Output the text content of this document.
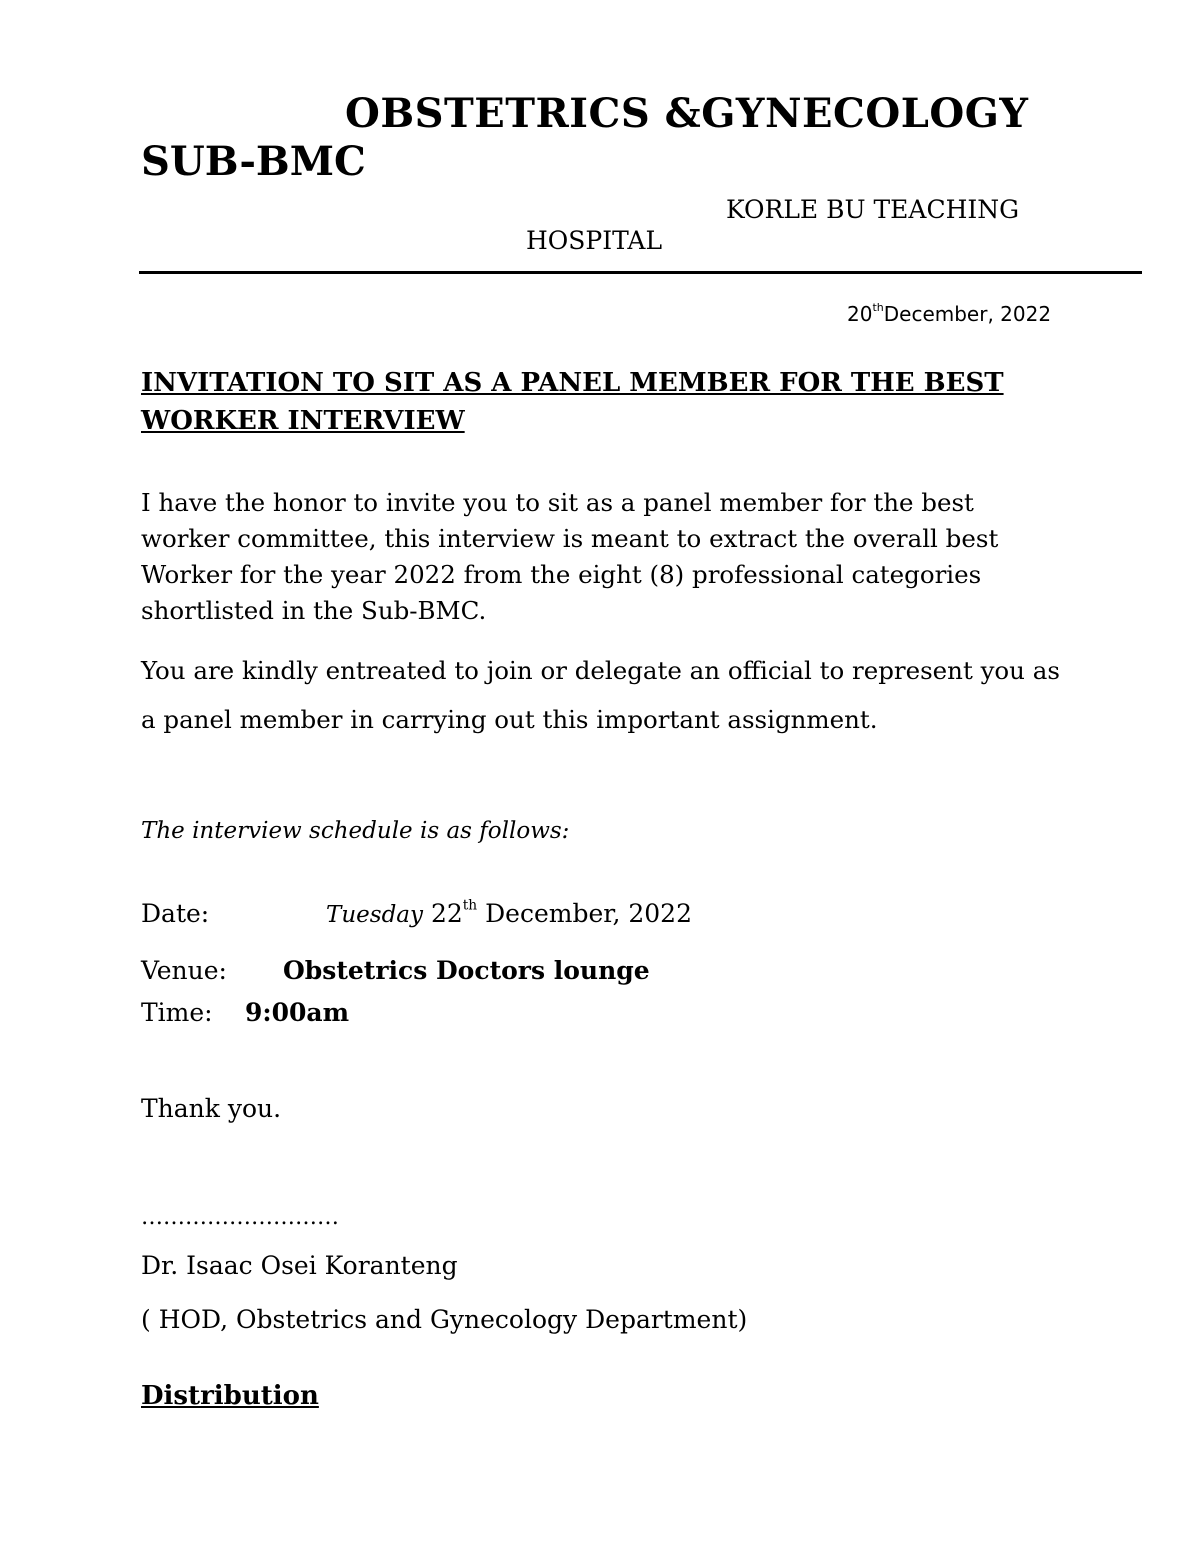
OBSTETRICS &GYNECOLOGY
SUB-BMC
KORLE BU TEACHING
HOSPITAL
20thDecember, 2022
INVITATION TO SIT AS A PANEL MEMBER FOR THE BEST WORKER INTERVIEW
I have the honor to invite you to sit as a panel member for the best worker committee, this interview is meant to extract the overall best Worker for the year 2022 from the eight (8) professional categories shortlisted in the Sub-BMC.
You are kindly entreated to join or delegate an official to represent you as a panel member in carrying out this important assignment.
The interview schedule is as follows:
Date:	Tuesday 22th December, 2022
Venue: Obstetrics Doctors lounge
Time: 9:00am
Thank you.
………………………
Dr. Isaac Osei Koranteng
( HOD, Obstetrics and Gynecology Department)
Distribution
